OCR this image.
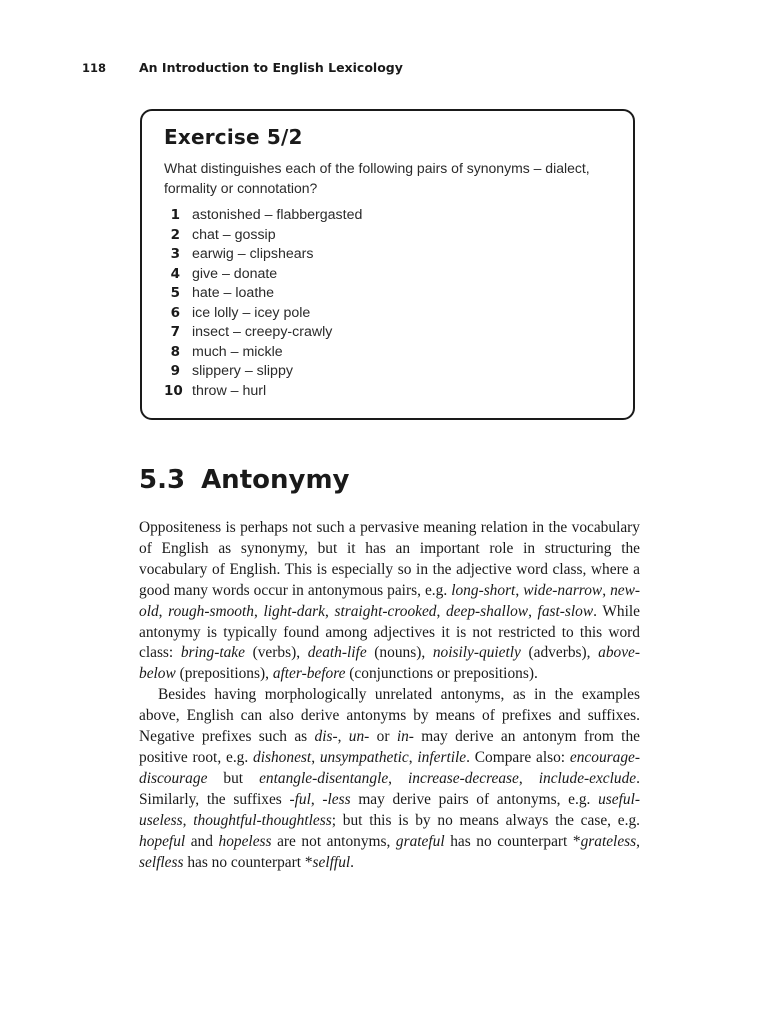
118	An Introduction to English Lexicology
Exercise 5/2

What distinguishes each of the following pairs of synonyms – dialect, formality or connotation?

1 astonished – flabbergasted
2 chat – gossip
3 earwig – clipshears
4 give – donate
5 hate – loathe
6 ice lolly – icey pole
7 insect – creepy-crawly
8 much – mickle
9 slippery – slippy
10 throw – hurl
5.3 Antonymy

Oppositeness is perhaps not such a pervasive meaning relation in the vocabulary of English as synonymy, but it has an important role in structuring the vocabulary of English. This is especially so in the adjective word class, where a good many words occur in antonymous pairs, e.g. long-short, wide-narrow, new-old, rough-smooth, light-dark, straight-crooked, deep-shallow, fast-slow. While antonymy is typically found among adjectives it is not restricted to this word class: bring-take (verbs), death-life (nouns), noisily-quietly (adverbs), above-below (prepositions), after-before (conjunctions or prepositions).

Besides having morphologically unrelated antonyms, as in the examples above, English can also derive antonyms by means of prefixes and suffixes. Negative prefixes such as dis-, un- or in- may derive an antonym from the positive root, e.g. dishonest, unsympathetic, infertile. Compare also: encourage-discourage but entangle-disentangle, increase-decrease, include-exclude. Similarly, the suffixes -ful, -less may derive pairs of antonyms, e.g. useful-useless, thoughtful-thoughtless; but this is by no means always the case, e.g. hopeful and hopeless are not antonyms, grateful has no counterpart *grateless, selfless has no counterpart *selfful.
